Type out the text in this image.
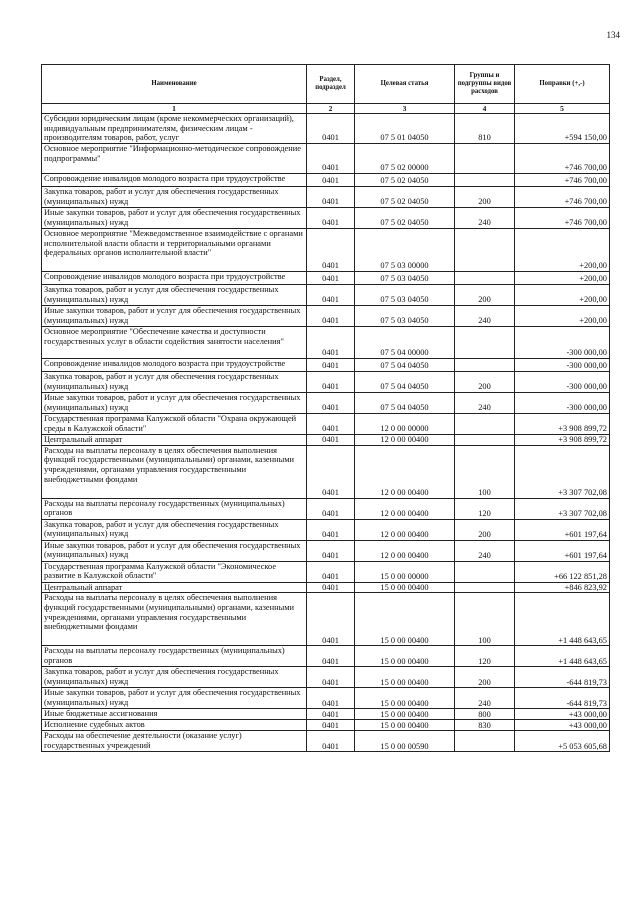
134
Наименование	Раздел, подраздел	Целевая статья	Группы и подгруппы видов расходов	Поправки (+,-)
1	2	3	4	5
Субсидии юридическим лицам (кроме некоммерческих организаций), индивидуальным предпринимателям, физическим лицам - производителям товаров, работ, услуг	0401	07 5 01 04050	810	+594 150,00
Основное мероприятие "Информационно-методическое сопровождение подпрограммы"	0401	07 5 02 00000		+746 700,00
Сопровождение инвалидов молодого возраста при трудоустройстве	0401	07 5 02 04050		+746 700,00
Закупка товаров, работ и услуг для обеспечения государственных (муниципальных) нужд	0401	07 5 02 04050	200	+746 700,00
Иные закупки товаров, работ и услуг для обеспечения государственных (муниципальных) нужд	0401	07 5 02 04050	240	+746 700,00
Основное мероприятие "Межведомственное взаимодействие с органами исполнительной власти области и территориальными органами федеральных органов исполнительной власти"	0401	07 5 03 00000		+200,00
Сопровождение инвалидов молодого возраста при трудоустройстве	0401	07 5 03 04050		+200,00
Закупка товаров, работ и услуг для обеспечения государственных (муниципальных) нужд	0401	07 5 03 04050	200	+200,00
Иные закупки товаров, работ и услуг для обеспечения государственных (муниципальных) нужд	0401	07 5 03 04050	240	+200,00
Основное мероприятие "Обеспечение качества и доступности государственных услуг в области содействия занятости населения"	0401	07 5 04 00000		-300 000,00
Сопровождение инвалидов молодого возраста при трудоустройстве	0401	07 5 04 04050		-300 000,00
Закупка товаров, работ и услуг для обеспечения государственных (муниципальных) нужд	0401	07 5 04 04050	200	-300 000,00
Иные закупки товаров, работ и услуг для обеспечения государственных (муниципальных) нужд	0401	07 5 04 04050	240	-300 000,00
Государственная программа Калужской области "Охрана окружающей среды в Калужской области"	0401	12 0 00 00000		+3 908 899,72
Центральный аппарат	0401	12 0 00 00400		+3 908 899,72
Расходы на выплаты персоналу в целях обеспечения выполнения функций государственными (муниципальными) органами, казенными учреждениями, органами управления государственными внебюджетными фондами	0401	12 0 00 00400	100	+3 307 702,08
Расходы на выплаты персоналу государственных (муниципальных) органов	0401	12 0 00 00400	120	+3 307 702,08
Закупка товаров, работ и услуг для обеспечения государственных (муниципальных) нужд	0401	12 0 00 00400	200	+601 197,64
Иные закупки товаров, работ и услуг для обеспечения государственных (муниципальных) нужд	0401	12 0 00 00400	240	+601 197,64
Государственная программа Калужской области "Экономическое развитие в Калужской области"	0401	15 0 00 00000		+66 122 851,28
Центральный аппарат	0401	15 0 00 00400		+846 823,92
Расходы на выплаты персоналу в целях обеспечения выполнения функций государственными (муниципальными) органами, казенными учреждениями, органами управления государственными внебюджетными фондами	0401	15 0 00 00400	100	+1 448 643,65
Расходы на выплаты персоналу государственных (муниципальных) органов	0401	15 0 00 00400	120	+1 448 643,65
Закупка товаров, работ и услуг для обеспечения государственных (муниципальных) нужд	0401	15 0 00 00400	200	-644 819,73
Иные закупки товаров, работ и услуг для обеспечения государственных (муниципальных) нужд	0401	15 0 00 00400	240	-644 819,73
Иные бюджетные ассигнования	0401	15 0 00 00400	800	+43 000,00
Исполнение судебных актов	0401	15 0 00 00400	830	+43 000,00
Расходы на обеспечение деятельности (оказание услуг) государственных учреждений	0401	15 0 00 00590		+5 053 605,68
